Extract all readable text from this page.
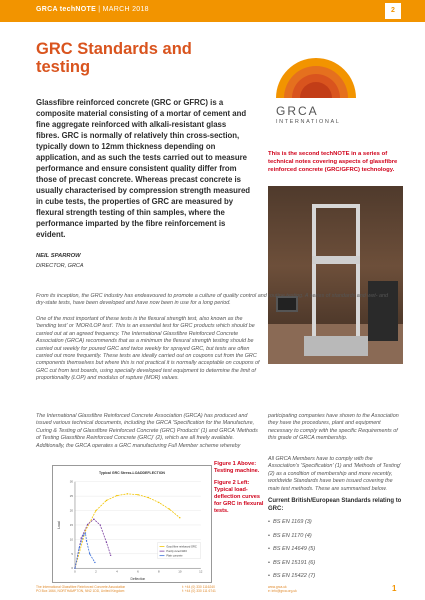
GRCA techNOTE | MARCH 2018	2
GRC Standards and testing
GRCA
INTERNATIONAL

Glassfibre reinforced concrete (GRC or GFRC) is a composite material consisting of a mortar of cement and fine aggregate reinforced with alkali-resistant glass fibres. GRC is normally of relatively thin cross-section, typically down to 12mm thickness depending on application, and as such the tests carried out to measure performance and ensure consistent quality differ from those of precast concrete. Whereas precast concrete is usually characterised by compression strength measured in cube tests, the properties of GRC are measured by flexural strength testing of thin samples, where the performance imparted by the fibre reinforcement is evident.

This is the second techNOTE in a series of technical notes covering aspects of glassfibre reinforced concrete (GRC/GFRC) technology.

NEIL SPARROW
DIRECTOR, GRCA

From its inception, the GRC industry has endeavoured to promote a culture of quality control and routine testing. A series of standards and wet- and dry-state tests, have been developed and have now been in use for a long period.

One of the most important of these tests is the flexural strength test, also known as the 'bending test' or 'MOR/LOP test'. This is an essential test for GRC products which should be carried out at an agreed frequency. The International Glassfibre Reinforced Concrete Association (GRCA) recommends that as a minimum the flexural strength testing should be carried out weekly for poured GRC and twice weekly for sprayed GRC, but tests are often carried out more frequently. These tests are ideally carried out on coupons cut from the GRC components themselves but where this is not practical it is normally acceptable on coupons of GRC cut from test boards, using specially developed test equipment to determine the limit of proportionality (LOP) and modulus of rupture (MOR) values.

The International Glassfibre Reinforced Concrete Association (GRCA) has produced and issued various technical documents, including the GRCA 'Specification for the Manufacture, Curing & Testing of Glassfibre Reinforced Concrete (GRC) Products' (1) and GRCA 'Methods of Testing Glassfibre Reinforced Concrete (GRC)' (2), which are all freely available. Additionally, the GRCA operates a GRC manufacturing Full Member scheme whereby

participating companies have shown to the Association they have the procedures, plant and equipment necessary to comply with the specific Requirements of this grade of GRCA membership.

All GRCA Members have to comply with the Association's 'Specification' (1) and 'Methods of Testing' (2) as a condition of membership and more recently, worldwide Standards have been issued covering the main test methods. These are summarised below.

Typical GRC Stress-LOADDEFLECTION
0
5
10
15
20
25
30
0	2	4	6	8	10	12
Load
Deflection
Good fibre reinforced GRC
Poorly cured GRC
Plain concrete
Figure 1 Above: Testing machine.
Figure 2 Left: Typical load-deflection curves for GRC in flexural tests.
Current British/European Standards relating to GRC:
• BS EN 1169 (3)
• BS EN 1170 (4)
• BS EN 14649 (5)
• BS EN 15191 (6)
• BS EN 15422 (7)
The International Glassfibre Reinforced Concrete Association
PO Box 1664, NORTHAMPTON, NN2 1DD, United Kingdom
t: +44 (0) 330 1116240
f: +44 (0) 330 111 6741
www.grca.uk
e: info@grca.org.uk	1
